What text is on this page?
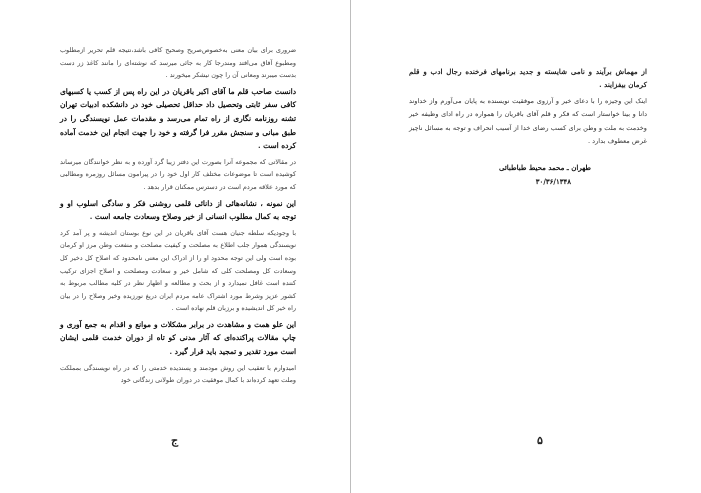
ضروری برای بیان معنی به‌خصوص‌صریح وصحیح کافی باشد،نتیجه قلم تحریر ازمطلوب ومطبوع آفاق می‌افتد ومندرجا کار به جائی میرسد که نوشته‌ای را مانند کاغذ زر دست بدست میبرند ومعانی آن را چون نیشکر میخورند .

دانست صاحب قلم ما آقای اکبر باقریان در این راه پس از کسب یا کسبهای کافی سفر ثابتی وتحصیل داد حداقل تحصیلی خود در دانشکده ادبیات تهران تشنه روزنامه نگاری از راه تمام می‌رسد و مقدمات عمل نویسندگی را در طبق مبانی و سنجش مقرر فرا گرفته و خود را جهت انجام این خدمت آماده کرده است .

در مقالاتی که مجموعه آنرا بصورت این دفتر زیبا گرد آورده و به نظر خوانندگان میرساند کوشیده است تا موضوعات مختلف کار اول خود را در پیرامون مسائل روزمره ومطالبی که مورد علاقه مردم است در دسترس ممکنان قرار بدهد .

این نمونه ، نشانه‌هائی از دانائی قلمی روشنی فکر و سادگی اسلوب او و توجه به کمال مطلوب انسانی از خیر وصلاح وسعادت جامعه است .

با وجودیکه سلطه جنیان هست آقای باقریان در این نوع بوستان اندیشه و پر آمد کرد نویسندگی هموار جلب اطلاع به مصلحت و کیفیت مصلحت و منفعت وطن مرز او کرمان بوده است ولی این توجه محدود او را از ادراک این معنی نامحدود که اصلاح کل دخیر کل وسعادت کل ومصلحت کلی که شامل خیر و سعادت ومصلحت و اصلاح اجزای ترکیب کننده است غافل نمیدارد و از بحث و مطالعه و اظهار نظر در کلیه مطالب مربوط به کشور عزیز وشرط مورد اشتراک عامه مردم ایران دریغ نورزیده وخیر وصلاح را در بیان راه خیر کل اندیشیده و برزبان قلم نهاده است .

این علو همت و مشاهدت در برابر مشکلات و موانع و اقدام به جمع آوری و چاپ مقالات پراکنده‌ای که آثار مدنی کو تاه از دوران خدمت قلمی ایشان است مورد تقدیر و تمجید باید قرار گیرد .

امیدوارم با تعقیب این روش مودمند و پسندیده خدمتی را که در راه نویسندگی بمملکت وملت تعهد کرده‌اند با کمال موفقیت در دوران طولانی زندگانی خود

ج

از مهماش برآیند و نامی شایسته و جدید برنامهای فرخنده رجال ادب و قلم کرمان بیفزایند .

اینک این وجیزه را با دعای خیر و آرزوی موفقیت نویسنده به پایان می‌آورم واز خداوند دانا و بینا خواستار است که فکر و قلم آقای باقریان را همواره در راه ادای وظیفه خیر وخدمت به ملت و وطن برای کسب رضای خدا از آسیب انحراف و توجه به مسائل ناچیز غرض معطوف بدارد .

طهران ـ محمد محیط طباطبائی
۳۰/۳۶/۱۳۴۸
۵
